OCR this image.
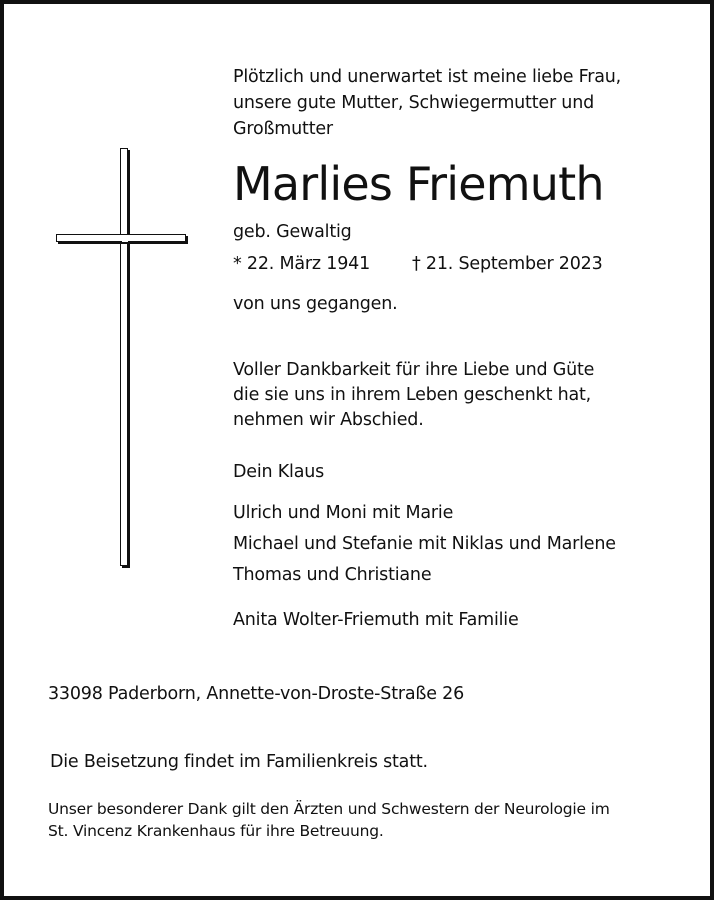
Plötzlich und unerwartet ist meine liebe Frau,
unsere gute Mutter, Schwiegermutter und
Großmutter
Marlies Friemuth
geb. Gewaltig
* 22. März 1941 † 21. September 2023
von uns gegangen.
Voller Dankbarkeit für ihre Liebe und Güte
die sie uns in ihrem Leben geschenkt hat,
nehmen wir Abschied.
Dein Klaus
Ulrich und Moni mit Marie
Michael und Stefanie mit Niklas und Marlene
Thomas und Christiane
Anita Wolter-Friemuth mit Familie
33098 Paderborn, Annette-von-Droste-Straße 26
Die Beisetzung findet im Familienkreis statt.
Unser besonderer Dank gilt den Ärzten und Schwestern der Neurologie im
St. Vincenz Krankenhaus für ihre Betreuung.
